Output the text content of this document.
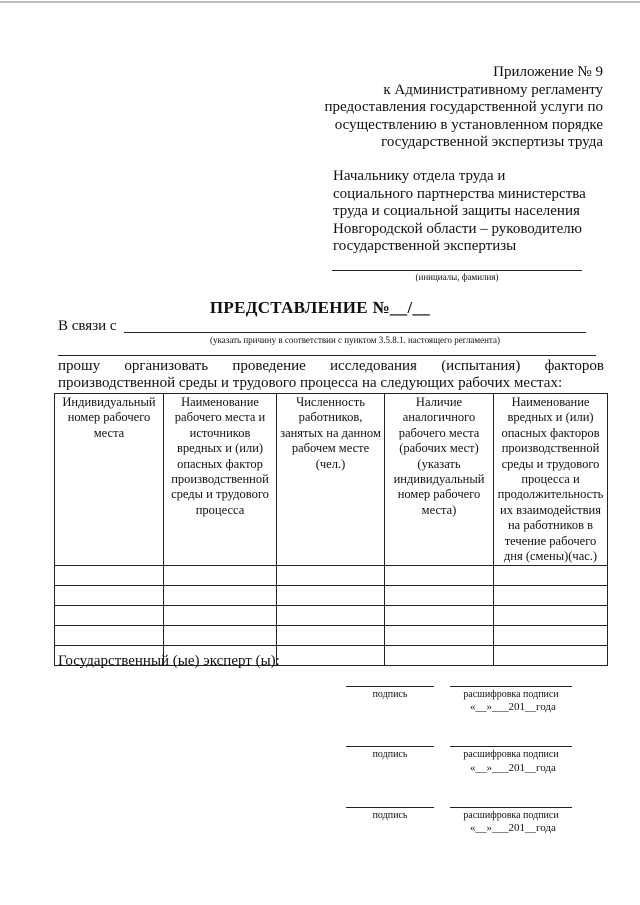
Приложение № 9
к Административному регламенту
предоставления государственной услуги по
осуществлению в установленном порядке
государственной экспертизы труда
Начальнику отдела труда и
социального партнерства министерства
труда и социальной защиты населения
Новгородской области – руководителю
государственной экспертизы
(инициалы, фамилия)
ПРЕДСТАВЛЕНИЕ №__/__
В связи с
(указать причину в соответствии с пунктом 3.5.8.1. настоящего регламента)
прошу организовать проведение исследования (испытания) факторов
производственной среды и трудового процесса на следующих рабочих местах:
Индивидуальный номер рабочего места	Наименование рабочего места и источников вредных и (или) опасных фактор производственной среды и трудового процесса	Численность работников, занятых на данном рабочем месте (чел.)	Наличие аналогичного рабочего места (рабочих мест) (указать индивидуальный номер рабочего места)	Наименование вредных и (или) опасных факторов производственной среды и трудового процесса и продолжительность их взаимодействия на работников в течение рабочего дня (смены)(час.)

Государственный (ые) эксперт (ы):
подпись	расшифровка подписи
«__»___201__года
подпись	расшифровка подписи
«__»___201__года
подпись	расшифровка подписи
«__»___201__года
